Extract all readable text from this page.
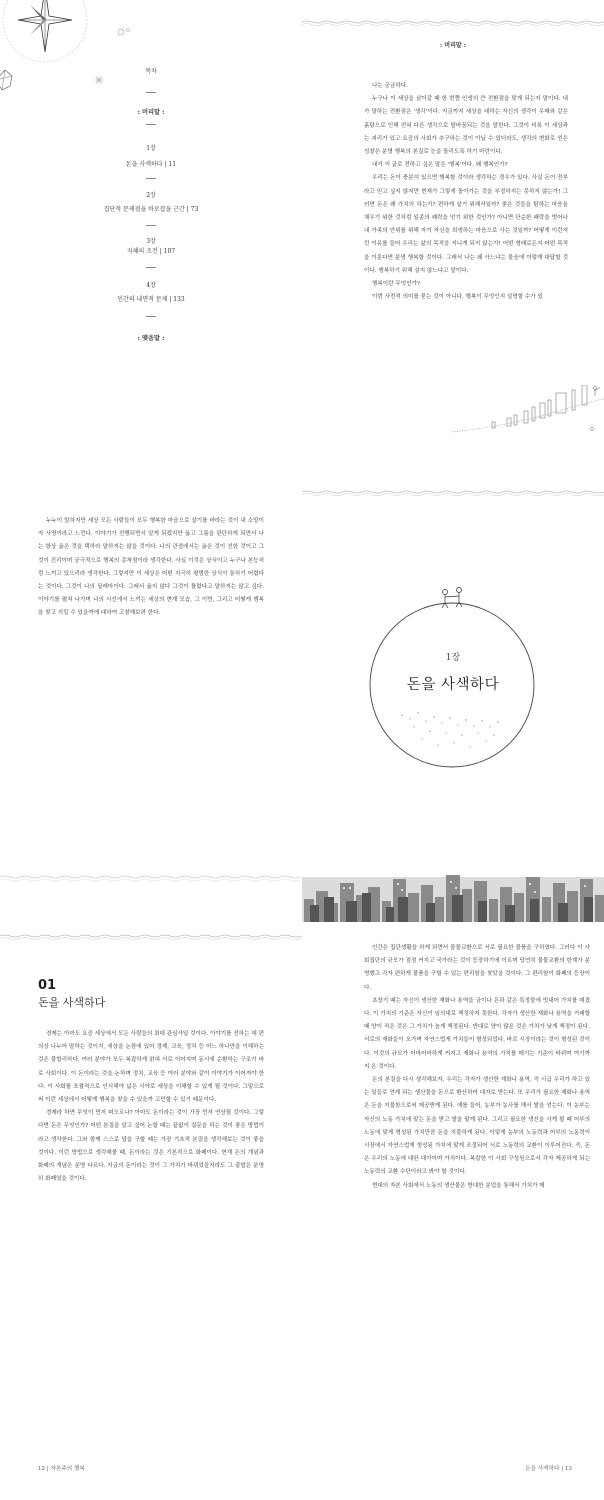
목차
: 머리말 :
1장
돈을 사색하다 | 11
2장
집단적 문제점을 바로잡을 근간 | 73
3장
지혜의 조건 | 107
4장
인간의 내면적 문제 | 133
: 맺음말 :
: 머리말 :

나는 궁금하다.

누구나 이 세상을 살아갈 때 한 번쯤 인생의 큰 전환점을 맞게 되는지 말이다. 내가 말하는 전환점은 '생각'이다. 지금까지 세상을 대하는 자신의 생각이 우매와 같은 흙탕으로 인해 전혀 다른 생각으로 탈바꿈되는 것을 말한다. 그것이 비록 이 세상과는 괴리가 있고 요즘의 사회가 추구하는 것이 아닐 수 있더라도, 생각의 변화로 얻은 성찰은 분명 행복의 본질로 눈을 돌리도록 하기 마련이다.

내가 이 글로 전하고 싶은 말은 '행복'이다. 왜 행복인가?

우리는 돈이 충분히 있으면 행복할 것이라 생각하는 경우가 있다. 사실 돈이 전부라고 믿고 싶지 않지만 현재가 그렇게 돌아가는 것을 부정하지는 못하지 않는가! 그러면 돈은 왜 가치의 하는가? 편하게 살기 위해서일까? 좋은 것들을 탐하는 마음을 채우기 위한 것처럼 일종의 쾌락을 얻기 위한 것인가? 아니면 단순한 쾌락을 벗어나 내 가족의 안위를 위해 자기 자신을 희생하는 마음으로 사는 것일까? 어떻게 이런저런 이유를 들어 우리는 삶의 목적을 지니게 되지 않는가! 어떤 형태로든지 어떤 목적을 이룬다면 분명 행복할 것이다. 그래서 나는 왜 사느냐는 물음에 이렇게 대답할 것이다. 행복하기 위해 살지 않느냐고 말이다.

행복이란 무엇인가?

이번 사전적 의미를 묻는 것이 아니다. 행복이 무엇인지 설명할 수가 있

누누이 말하지만 세상 모든 사람들이 모두 행복한 마음으로 살기를 바라는 것이 내 소망이자 사명이라고 느낀다. 이야기가 전행되면서 알게 되겠지만 옳고 그름을 판단하게 되면서 나는 항상 옳은 것을 택하라 말하지는 않을 것이다. 나의 관점에서는 옳은 것이 선한 것이고 그것이 진리이며 궁극적으로 행복의 종착점이라 생각한다. 사실 이것은 상식이고 누구나 본능처럼 느끼고 있으리라 생각한다. 그렇지만 이 세상은 어떤 지극히 평범한 상식이 통하기 어렵다는 것이다. 그것이 나의 딜레마이다. 그래서 옳지 않다 그것이 틀렸다고 말하지는 않고 싶다. 이야기를 펼쳐 나가며 나의 시선에서 느끼는 세상의 현재 모습, 그 이면, 그리고 어떻게 행복을 찾고 지킬 수 있을까에 대하여 고찰해보려 한다.

1장
돈을 사색하다
01
돈을 사색하다

경제는 아마도 요즘 세상에서 모든 사람들의 최대 관심사일 것이다. 이야기를 전하는 데 편의상 나누어 말하는 것이지, 세상을 논함에 있어 경제, 교육, 정치 등 어느 하나만을 이해하는 것은 불합리하다. 여러 분야가 모두 복잡하게 얽혀 서로 이어지며 동시에 순환하는 구조가 바로 사회이다. 이 돈이라는 것을 논하며 정치, 교육 등 여러 분야와 같이 이야기가 이어져야 한다. 이 사회를 포괄적으로 인식해야 넓은 시야로 세상을 이해할 수 있게 될 것이다. 그렇으로써 이런 세상에서 어떻게 행복을 찾을 수 있을까 고민할 수 있기 때문이다.

경제라 하면 무엇이 먼저 떠오르나? 아마도 돈이라는 것이 가장 먼저 연상될 것이다. 그렇다면 돈은 무엇인가? 어떤 본질을 알고 싶어 논할 때는 끝없이 질문을 하는 것이 좋은 방법이라고 생각한다. 그와 함께 스스로 답을 구할 때는 가장 기초적 본질을 생각해보는 것이 좋을 것이다. 이런 방법으로 생각해볼 때, 돈이라는 것은 기본적으로 화폐이다. 현재 돈의 개념과 화폐의 개념은 분명 다르다. 지금의 돈이라는 것이 그 가치가 바뀌었을지라도 그 출발은 분명히 화폐였을 것이다.

12 | 자본주의 행복

인간은 집단생활을 하게 되면서 물물교환으로 서로 필요한 물품을 구하였다. 그러다 이 사회집단의 규모가 점점 커지고 국가라는 것이 등장하기에 이르며 당연히 물물교환의 한계가 분명했고 각자 편하게 물품을 구할 수 있는 편리함을 찾았을 것이다. 그 편리함이 화폐의 등장이다.

초창기 때는 자신이 생산한 재화나 용역을 금이나 은과 같은 특정물에 빗대어 가치를 매겼다. 이 가치의 기준은 자신이 임의대로 책정하지 못한다. 각자가 생산한 재화나 용역을 거래할 때 양이 적은 것은 그 가치가 높게 책정된다. 반대로 양이 많은 것은 가치가 낮게 책정이 된다. 서로의 재화들이 오가며 자연스럽게 가치들이 형성되었다. 바로 시장이라는 것이 형성된 것이다. 이것의 규모가 어마어마하게 커지고 재화나 용역의 가치를 매기는 기준이 바뀌며 여기까지 온 것이다.

돈의 본질을 다시 생각해보자. 우리는 각자가 생산한 재화나 용역, 즉 시급 우리가 하고 있는 일들로 얻게 되는 생산물을 돈으로 환산하여 대가로 받는다. 또 우리가 필요한 재화나 용역은 돈을 지불함으로써 제공받게 된다. 예를 들어, 농부가 농사를 해서 쌀을 얻는다. 이 농부는 자신의 노동 가치에 맞는 돈을 받고 쌀을 팔게 된다. 그리고 필요한 생선을 사게 될 때 어부의 노동에 맞게 형성된 가치만큼 돈을 지불하게 된다. 이렇게 농부의 노동력과 어부의 노동력이 시장에서 자연스럽게 형성된 가치에 맞게 조절되어 서로 노동력의 교환이 이루어진다. 즉, 돈은 우리의 노동에 대한 대가이며 가치이다. 복잡한 이 사회 구성원으로서 각자 제공하게 되는 노동력의 교환 수단이라고 봐야 할 것이다.

현대의 자본 사회에서 노동의 생산물은 방대한 분업을 통해서 가치가 매

돈을 사색하다 | 13
